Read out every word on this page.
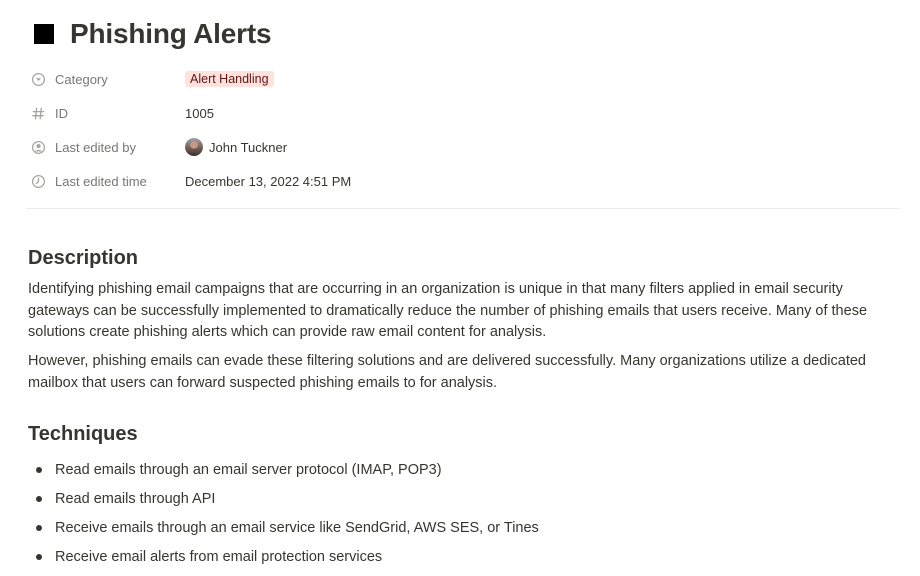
Phishing Alerts
Category	Alert Handling
ID	1005
Last edited by	John Tuckner
Last edited time	December 13, 2022 4:51 PM
Description
Identifying phishing email campaigns that are occurring in an organization is unique in that many filters applied in email security gateways can be successfully implemented to dramatically reduce the number of phishing emails that users receive. Many of these solutions create phishing alerts which can provide raw email content for analysis.
However, phishing emails can evade these filtering solutions and are delivered successfully. Many organizations utilize a dedicated mailbox that users can forward suspected phishing emails to for analysis.
Techniques
Read emails through an email server protocol (IMAP, POP3)
Read emails through API
Receive emails through an email service like SendGrid, AWS SES, or Tines
Receive email alerts from email protection services
